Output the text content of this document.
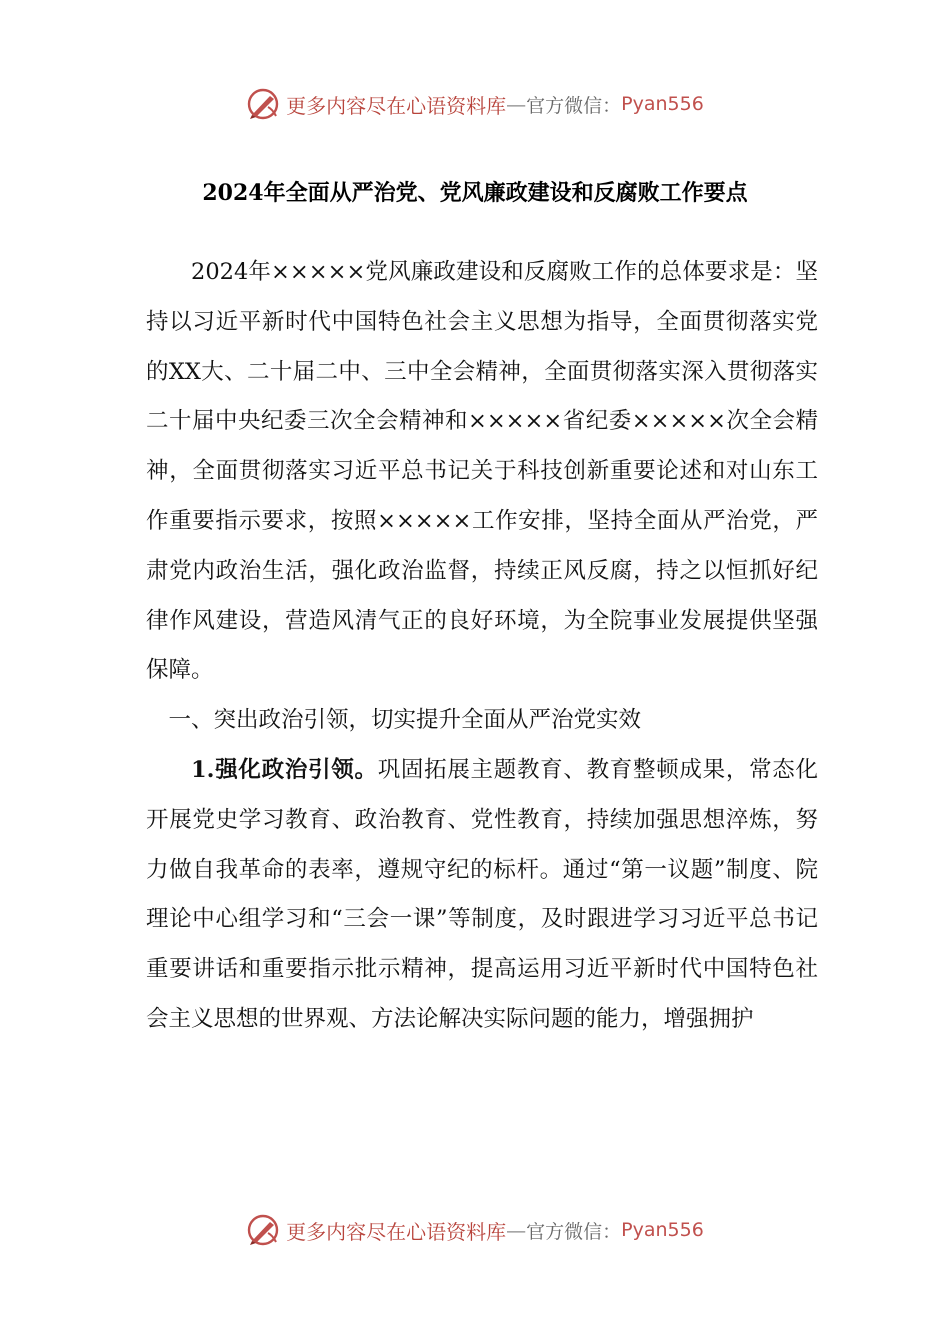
更多内容尽在心语资料库 — 官方微信： Pyan556
2024年全面从严治党、党风廉政建设和反腐败工作要点

2024年×××××党风廉政建设和反腐败工作的总体要求是：坚持以习近平新时代中国特色社会主义思想为指导，全面贯彻落实党的XX大、二十届二中、三中全会精神，全面贯彻落实深入贯彻落实二十届中央纪委三次全会精神和×××××省纪委×××××次全会精神，全面贯彻落实习近平总书记关于科技创新重要论述和对山东工作重要指示要求，按照×××××工作安排，坚持全面从严治党，严肃党内政治生活，强化政治监督，持续正风反腐，持之以恒抓好纪律作风建设，营造风清气正的良好环境，为全院事业发展提供坚强保障。

一、突出政治引领，切实提升全面从严治党实效

1.强化政治引领。巩固拓展主题教育、教育整顿成果，常态化开展党史学习教育、政治教育、党性教育，持续加强思想淬炼，努力做自我革命的表率，遵规守纪的标杆。通过“第一议题”制度、院理论中心组学习和“三会一课”等制度，及时跟进学习习近平总书记重要讲话和重要指示批示精神，提高运用习近平新时代中国特色社会主义思想的世界观、方法论解决实际问题的能力，增强拥护

更多内容尽在心语资料库 — 官方微信： Pyan556
